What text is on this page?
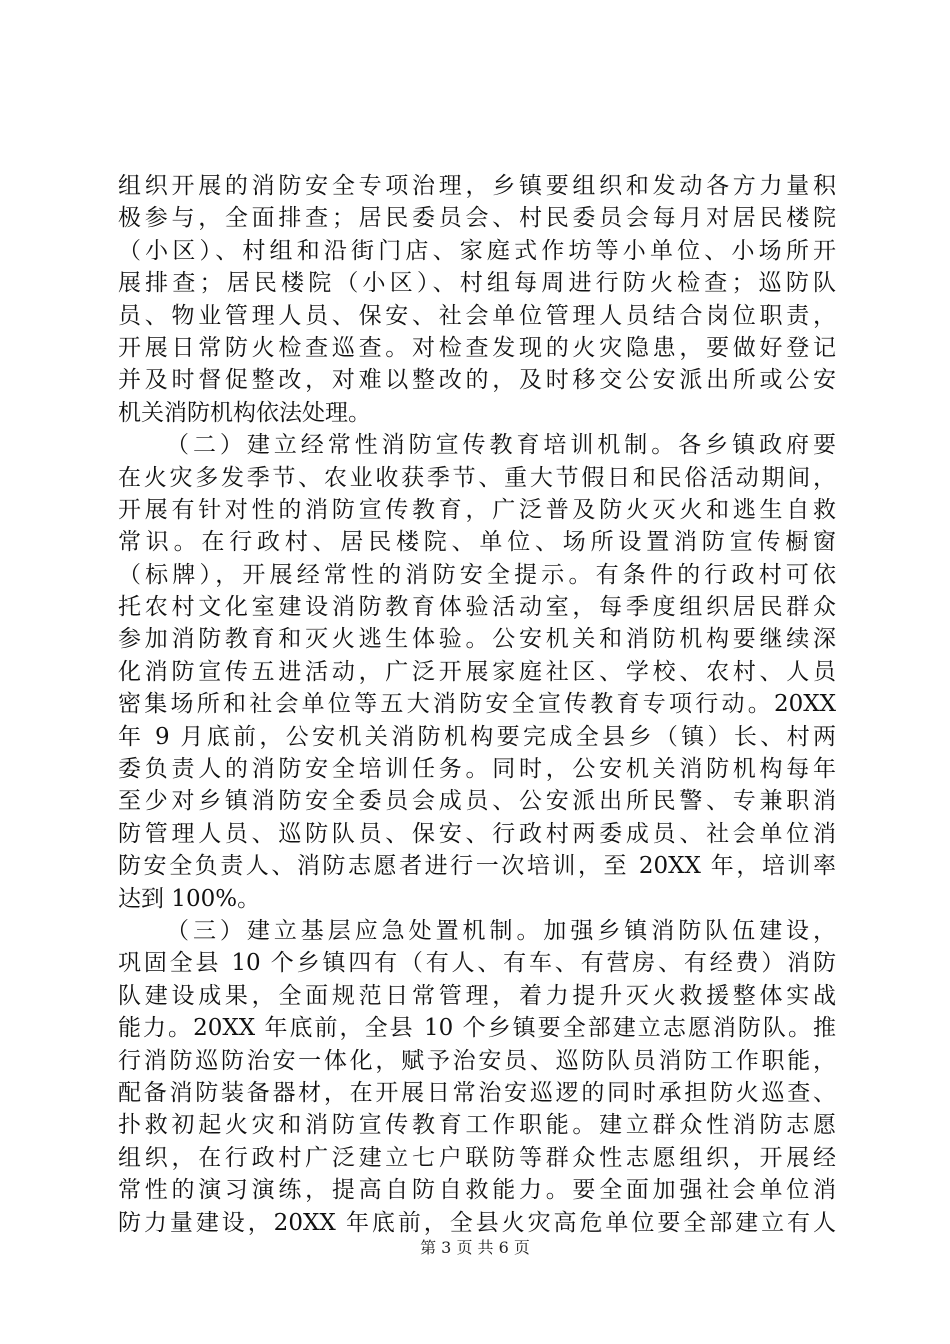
组织开展的消防安全专项治理，乡镇要组织和发动各方力量积
极参与，全面排查；居民委员会、村民委员会每月对居民楼院
（小区）、村组和沿街门店、家庭式作坊等小单位、小场所开
展排查；居民楼院（小区）、村组每周进行防火检查；巡防队
员、物业管理人员、保安、社会单位管理人员结合岗位职责，
开展日常防火检查巡查。对检查发现的火灾隐患，要做好登记
并及时督促整改，对难以整改的，及时移交公安派出所或公安
机关消防机构依法处理。
（二）建立经常性消防宣传教育培训机制。各乡镇政府要
在火灾多发季节、农业收获季节、重大节假日和民俗活动期间，
开展有针对性的消防宣传教育，广泛普及防火灭火和逃生自救
常识。在行政村、居民楼院、单位、场所设置消防宣传橱窗
（标牌），开展经常性的消防安全提示。有条件的行政村可依
托农村文化室建设消防教育体验活动室，每季度组织居民群众
参加消防教育和灭火逃生体验。公安机关和消防机构要继续深
化消防宣传五进活动，广泛开展家庭社区、学校、农村、人员
密集场所和社会单位等五大消防安全宣传教育专项行动。20XX
年 9 月底前，公安机关消防机构要完成全县乡（镇）长、村两
委负责人的消防安全培训任务。同时，公安机关消防机构每年
至少对乡镇消防安全委员会成员、公安派出所民警、专兼职消
防管理人员、巡防队员、保安、行政村两委成员、社会单位消
防安全负责人、消防志愿者进行一次培训，至 20XX 年，培训率
达到 100%。
（三）建立基层应急处置机制。加强乡镇消防队伍建设，
巩固全县 10 个乡镇四有（有人、有车、有营房、有经费）消防
队建设成果，全面规范日常管理，着力提升灭火救援整体实战
能力。20XX 年底前，全县 10 个乡镇要全部建立志愿消防队。推
行消防巡防治安一体化，赋予治安员、巡防队员消防工作职能，
配备消防装备器材，在开展日常治安巡逻的同时承担防火巡查、
扑救初起火灾和消防宣传教育工作职能。建立群众性消防志愿
组织，在行政村广泛建立七户联防等群众性志愿组织，开展经
常性的演习演练，提高自防自救能力。要全面加强社会单位消
防力量建设，20XX 年底前，全县火灾高危单位要全部建立有人
第 3 页 共 6 页
